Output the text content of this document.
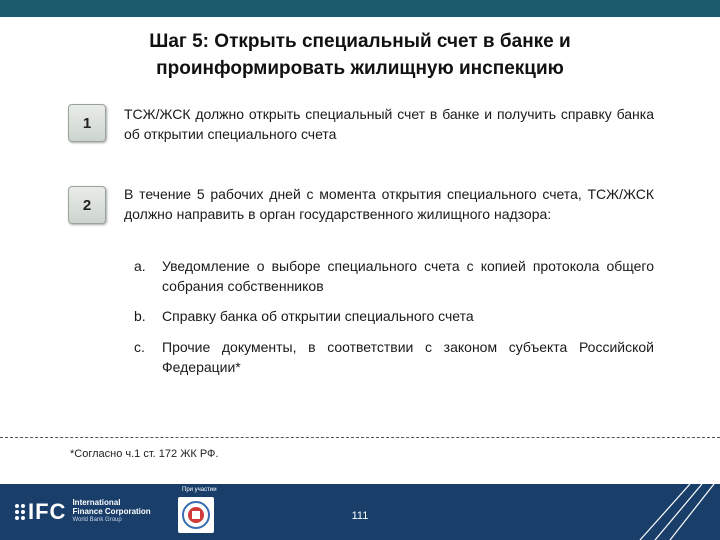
Шаг 5: Открыть специальный счет в банке и
проинформировать жилищную инспекцию
1
ТСЖ/ЖСК должно открыть специальный счет в банке и получить справку банка об открытии специального счета
2
В течение 5 рабочих дней с момента открытия специального счета, ТСЖ/ЖСК должно направить в орган государственного жилищного надзора:
a.	Уведомление о выборе специального счета с копией протокола общего собрания собственников
b.	Справку банка об открытии специального счета
c.	Прочие документы, в соответствии с законом субъекта Российской Федерации*
*Согласно ч.1 ст. 172 ЖК РФ.
IFC International
Finance Corporation
World Bank Group
При участии
111
